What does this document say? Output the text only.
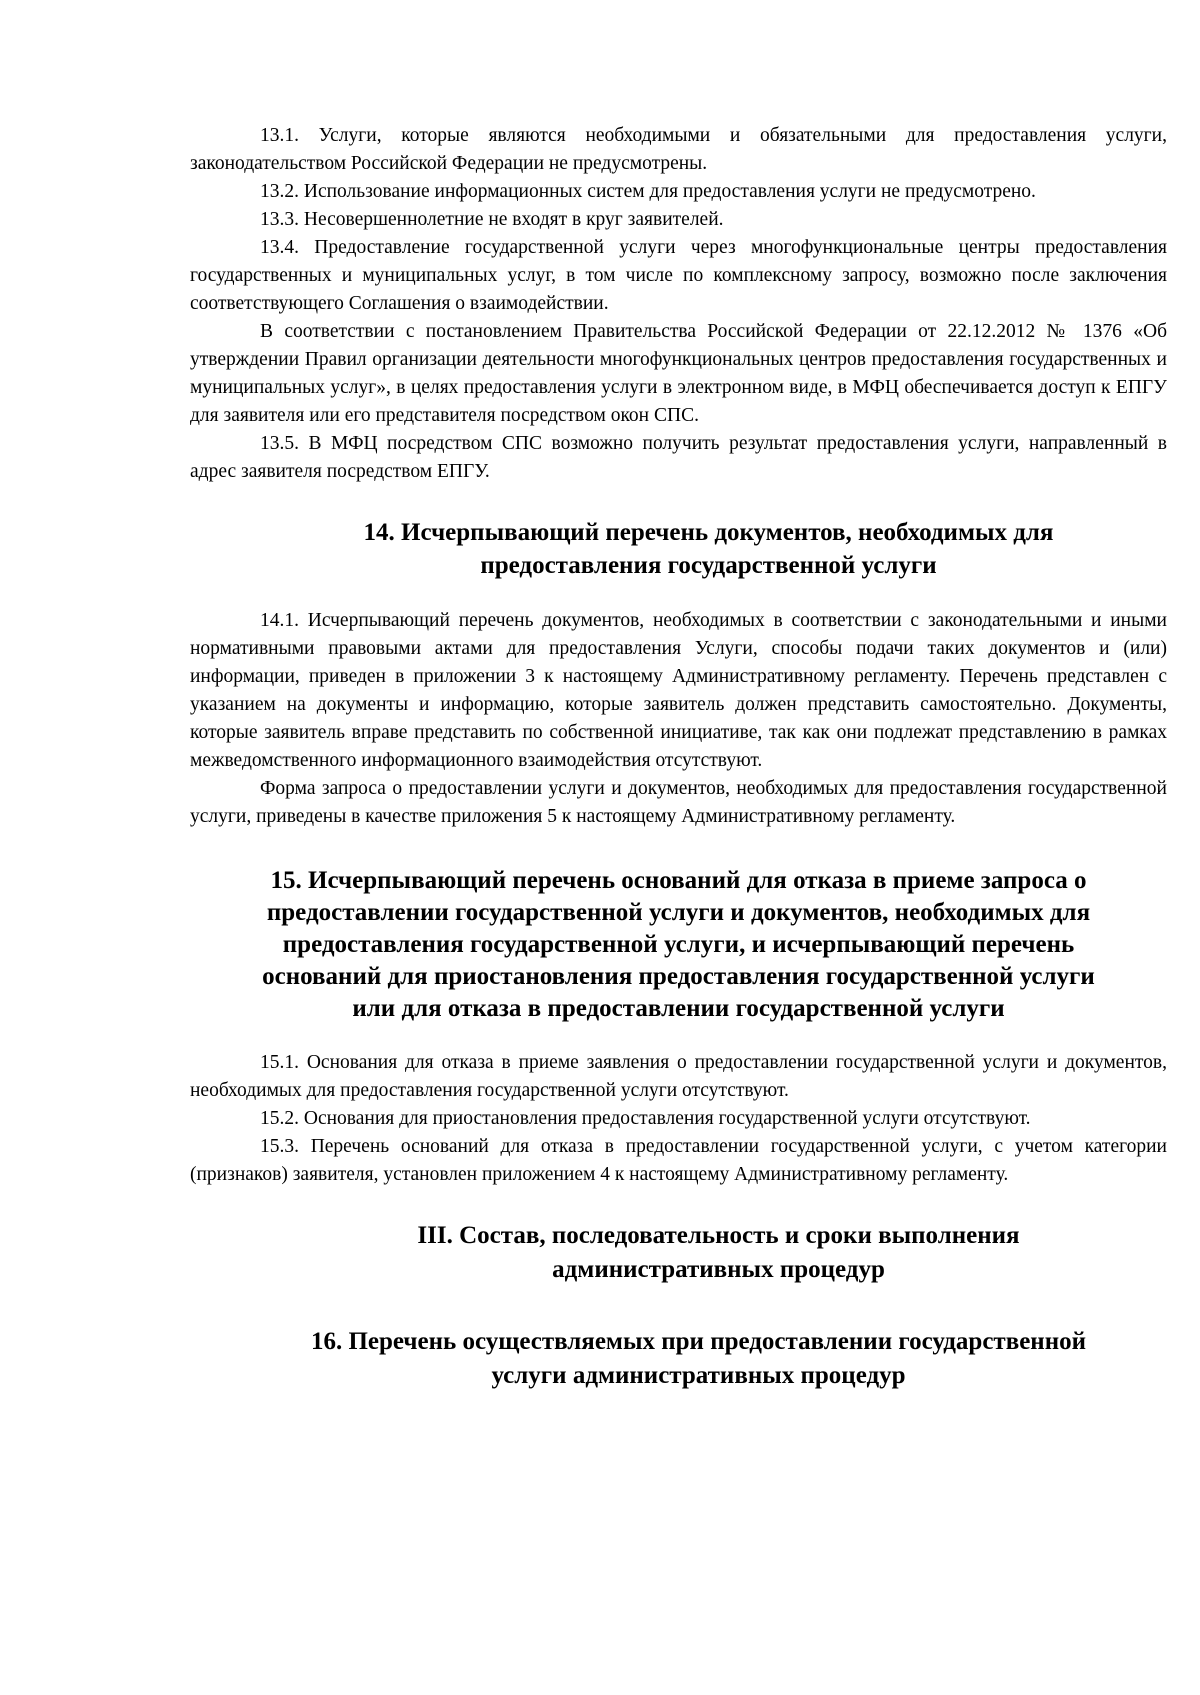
13.1. Услуги, которые являются необходимыми и обязательными для предоставления услуги, законодательством Российской Федерации не предусмотрены.

13.2. Использование информационных систем для предоставления услуги не предусмотрено.

13.3. Несовершеннолетние не входят в круг заявителей.

13.4. Предоставление государственной услуги через многофункциональные центры предоставления государственных и муниципальных услуг, в том числе по комплексному запросу, возможно после заключения соответствующего Соглашения о взаимодействии.

В соответствии с постановлением Правительства Российской Федерации от 22.12.2012 № 1376 «Об утверждении Правил организации деятельности многофункциональных центров предоставления государственных и муниципальных услуг», в целях предоставления услуги в электронном виде, в МФЦ обеспечивается доступ к ЕПГУ для заявителя или его представителя посредством окон СПС.

13.5. В МФЦ посредством СПС возможно получить результат предоставления услуги, направленный в адрес заявителя посредством ЕПГУ.

14. Исчерпывающий перечень документов, необходимых для
предоставления государственной услуги

14.1. Исчерпывающий перечень документов, необходимых в соответствии с законодательными и иными нормативными правовыми актами для предоставления Услуги, способы подачи таких документов и (или) информации, приведен в приложении 3 к настоящему Административному регламенту. Перечень представлен с указанием на документы и информацию, которые заявитель должен представить самостоятельно. Документы, которые заявитель вправе представить по собственной инициативе, так как они подлежат представлению в рамках межведомственного информационного взаимодействия отсутствуют.

Форма запроса о предоставлении услуги и документов, необходимых для предоставления государственной услуги, приведены в качестве приложения 5 к настоящему Административному регламенту.

15. Исчерпывающий перечень оснований для отказа в приеме запроса о
предоставлении государственной услуги и документов, необходимых для
предоставления государственной услуги, и исчерпывающий перечень
оснований для приостановления предоставления государственной услуги
или для отказа в предоставлении государственной услуги

15.1. Основания для отказа в приеме заявления о предоставлении государственной услуги и документов, необходимых для предоставления государственной услуги отсутствуют.

15.2. Основания для приостановления предоставления государственной услуги отсутствуют.

15.3. Перечень оснований для отказа в предоставлении государственной услуги, с учетом категории (признаков) заявителя, установлен приложением 4 к настоящему Административному регламенту.

III. Состав, последовательность и сроки выполнения
административных процедур
16. Перечень осуществляемых при предоставлении государственной
услуги административных процедур
